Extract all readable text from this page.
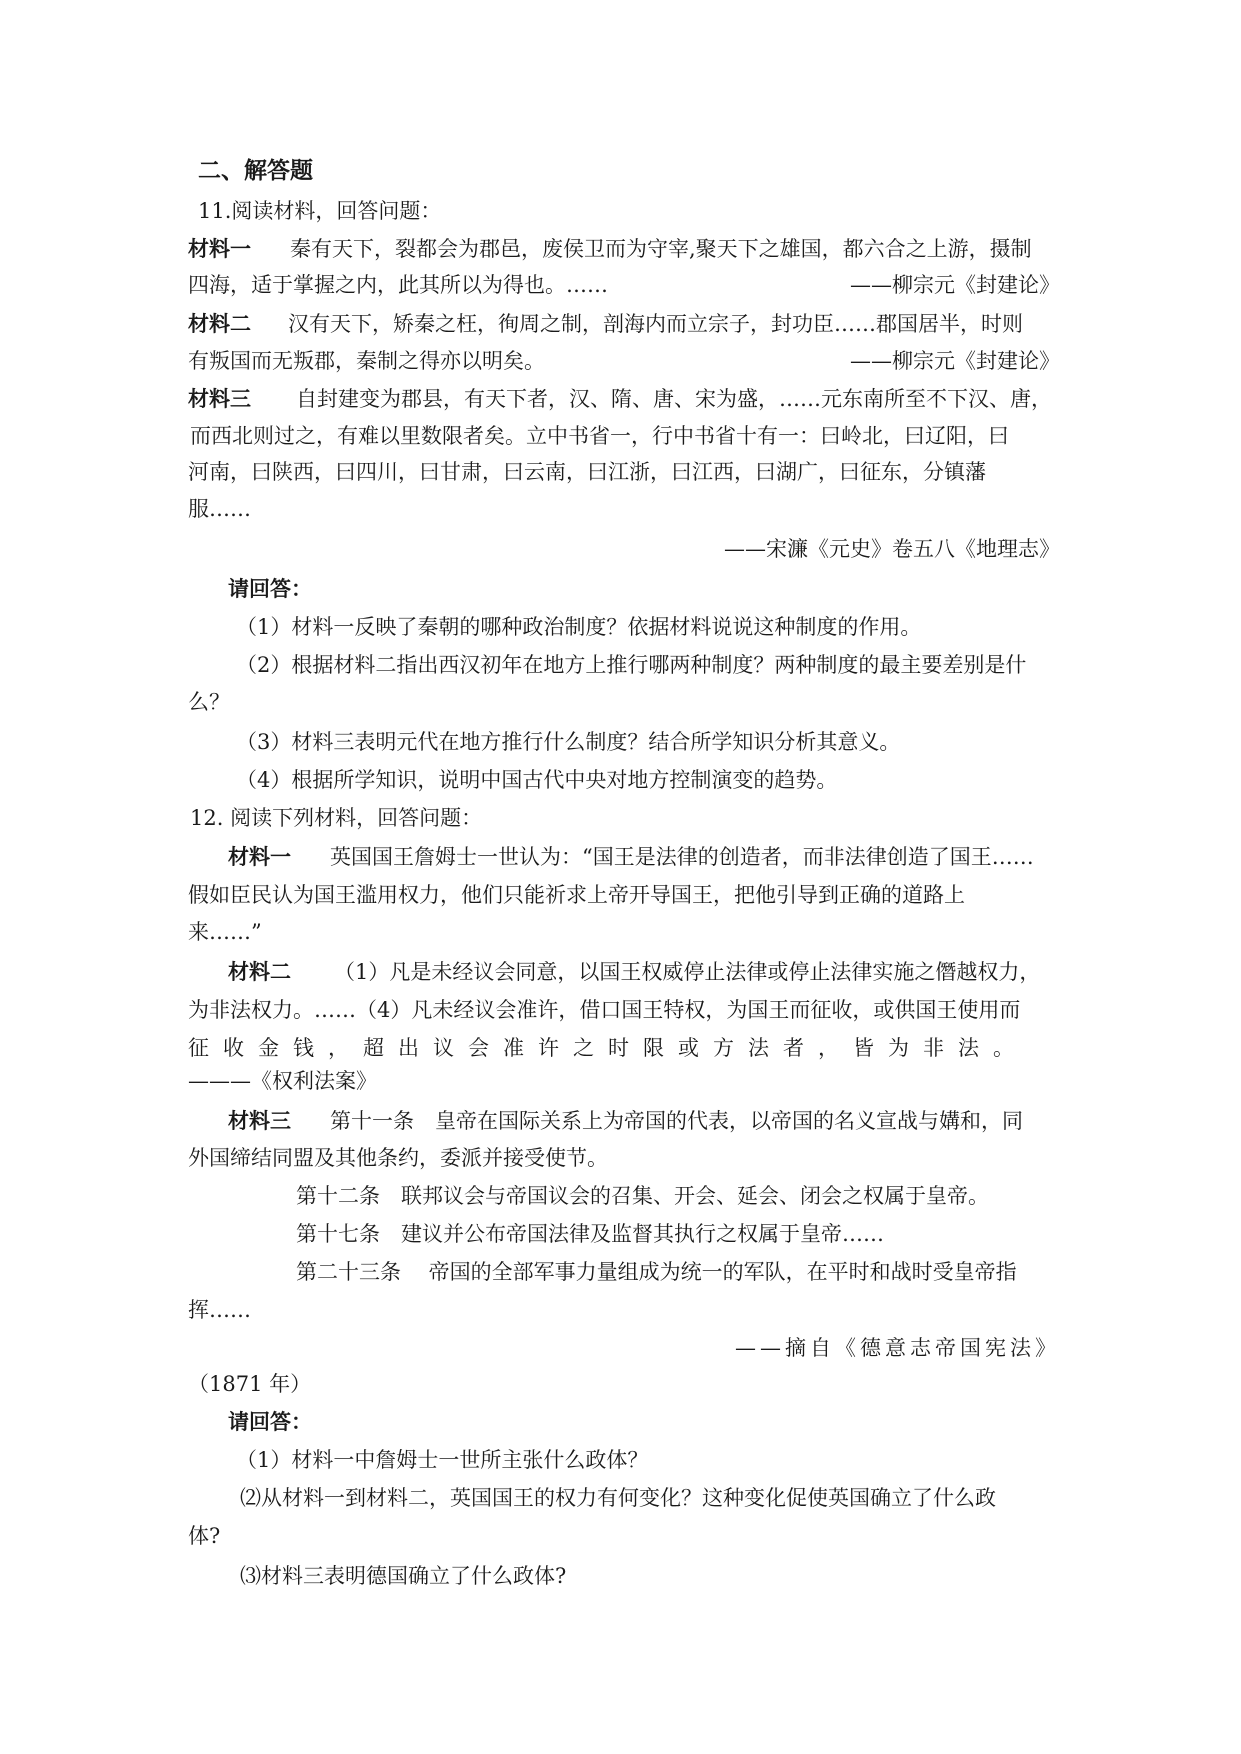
二、解答题
11.阅读材料，回答问题：
材料一 秦有天下，裂都会为郡邑，废侯卫而为守宰,聚天下之雄国，都六合之上游，摄制
四海，适于掌握之内，此其所以为得也。……	——柳宗元《封建论》
材料二 汉有天下，矫秦之枉，徇周之制，剖海内而立宗子，封功臣……郡国居半，时则
有叛国而无叛郡，秦制之得亦以明矣。	——柳宗元《封建论》
材料三 自封建变为郡县，有天下者，汉、隋、唐、宋为盛，……元东南所至不下汉、唐，
而西北则过之，有难以里数限者矣。立中书省一，行中书省十有一：曰岭北，曰辽阳，曰
河南，曰陕西，曰四川，曰甘肃，曰云南，曰江浙，曰江西，曰湖广，曰征东，分镇藩
服……
——宋濂《元史》卷五八《地理志》
请回答：
（1）材料一反映了秦朝的哪种政治制度？依据材料说说这种制度的作用。
（2）根据材料二指出西汉初年在地方上推行哪两种制度？两种制度的最主要差别是什
么？
（3）材料三表明元代在地方推行什么制度？结合所学知识分析其意义。
（4）根据所学知识，说明中国古代中央对地方控制演变的趋势。
12. 阅读下列材料，回答问题：
材料一 英国国王詹姆士一世认为：“国王是法律的创造者，而非法律创造了国王……
假如臣民认为国王滥用权力，他们只能祈求上帝开导国王，把他引导到正确的道路上
来……”
材料二 （1）凡是未经议会同意，以国王权威停止法律或停止法律实施之僭越权力，
为非法权力。……（4）凡未经议会准许，借口国王特权，为国王而征收，或供国王使用而
征收金钱，超出议会准许之时限或方法者，皆为非法。
———《权利法案》
材料三 第十一条　皇帝在国际关系上为帝国的代表，以帝国的名义宣战与媾和，同
外国缔结同盟及其他条约，委派并接受使节。
第十二条　联邦议会与帝国议会的召集、开会、延会、闭会之权属于皇帝。
第十七条　建议并公布帝国法律及监督其执行之权属于皇帝……
第二十三条　 帝国的全部军事力量组成为统一的军队，在平时和战时受皇帝指
挥……
——摘自《德意志帝国宪法》
（1871 年）
请回答：
（1）材料一中詹姆士一世所主张什么政体？
⑵从材料一到材料二，英国国王的权力有何变化？这种变化促使英国确立了什么政
体?
⑶材料三表明德国确立了什么政体?
